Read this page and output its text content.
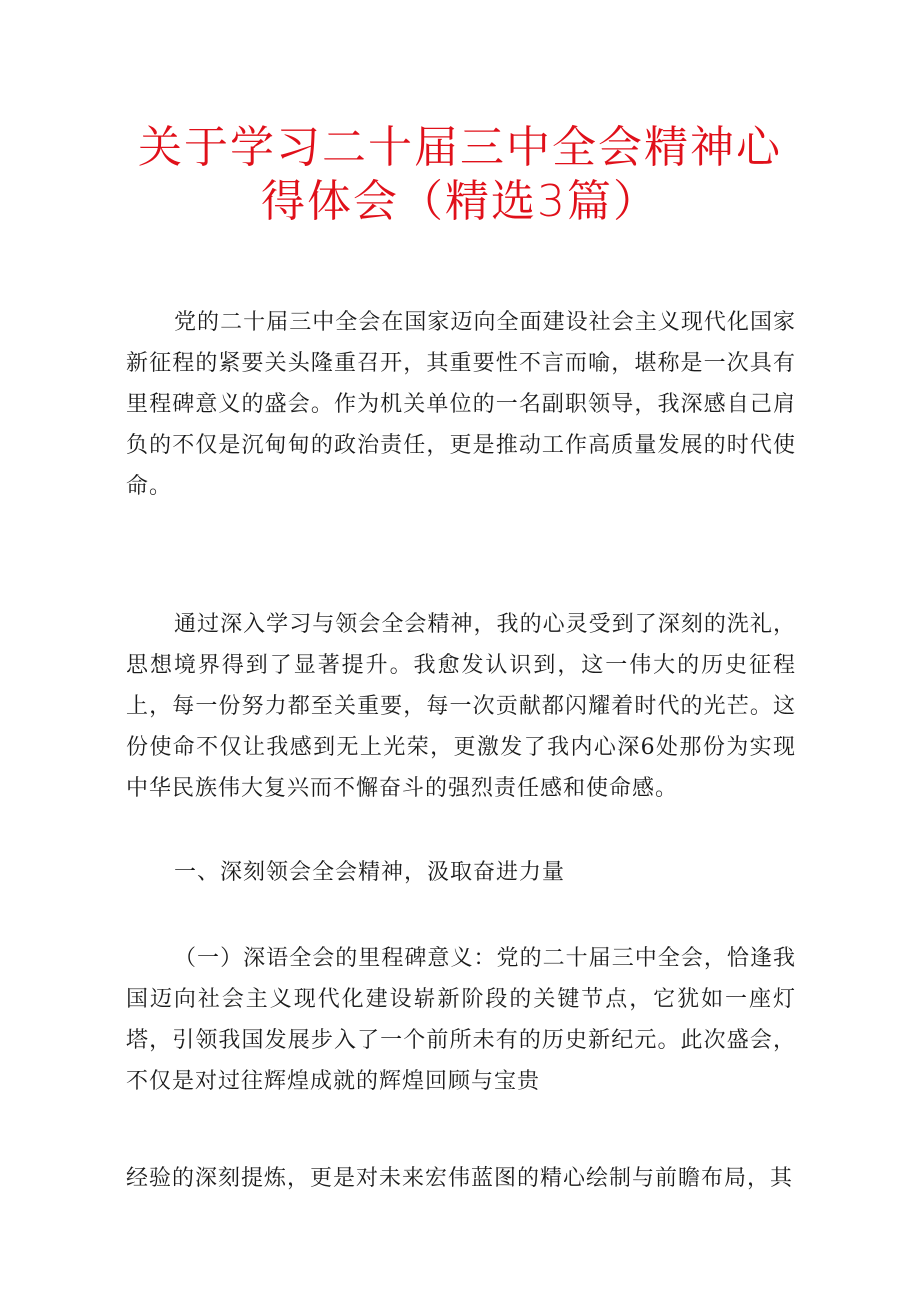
关于学习二十届三中全会精神心
得体会（精选3篇）

党的二十届三中全会在国家迈向全面建设社会主义现代化国家新征程的紧要关头隆重召开，其重要性不言而喻，堪称是一次具有里程碑意义的盛会。作为机关单位的一名副职领导，我深感自己肩负的不仅是沉甸甸的政治责任，更是推动工作高质量发展的时代使命。

通过深入学习与领会全会精神，我的心灵受到了深刻的洗礼，思想境界得到了显著提升。我愈发认识到，这一伟大的历史征程上，每一份努力都至关重要，每一次贡献都闪耀着时代的光芒。这份使命不仅让我感到无上光荣，更激发了我内心深6处那份为实现中华民族伟大复兴而不懈奋斗的强烈责任感和使命感。

一、深刻领会全会精神，汲取奋进力量

（一）深语全会的里程碑意义：党的二十届三中全会，恰逢我国迈向社会主义现代化建设崭新阶段的关键节点，它犹如一座灯塔，引领我国发展步入了一个前所未有的历史新纪元。此次盛会，不仅是对过往辉煌成就的辉煌回顾与宝贵

经验的深刻提炼，更是对未来宏伟蓝图的精心绘制与前瞻布局，其
